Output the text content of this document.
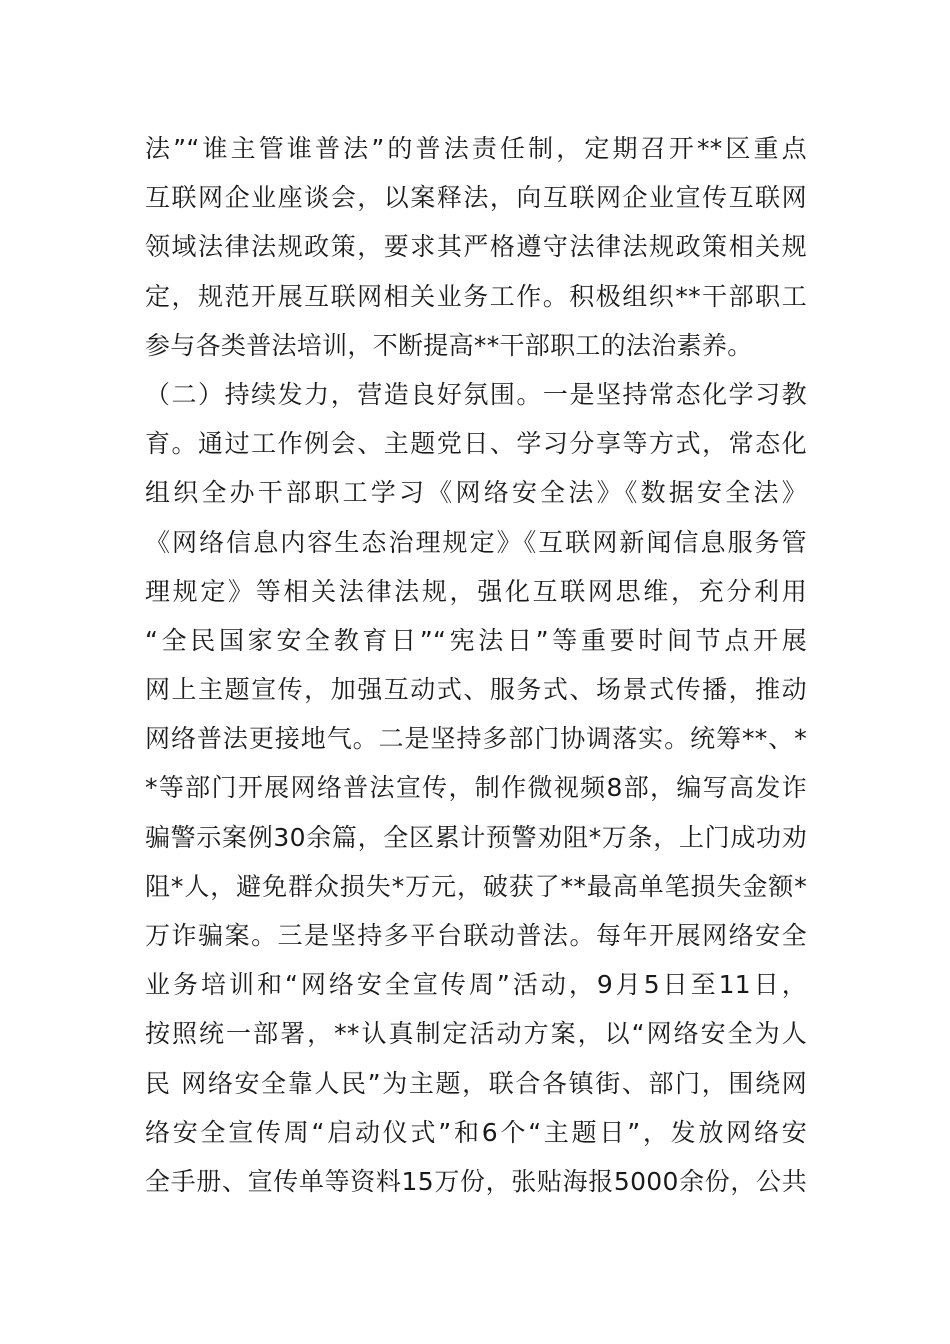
法”“谁主管谁普法”的普法责任制，定期召开**区重点
互联网企业座谈会，以案释法，向互联网企业宣传互联网
领域法律法规政策，要求其严格遵守法律法规政策相关规
定，规范开展互联网相关业务工作。积极组织**干部职工
参与各类普法培训，不断提高**干部职工的法治素养。
（二）持续发力，营造良好氛围。一是坚持常态化学习教
育。通过工作例会、主题党日、学习分享等方式，常态化
组织全办干部职工学习《网络安全法》《数据安全法》
《网络信息内容生态治理规定》《互联网新闻信息服务管
理规定》等相关法律法规，强化互联网思维，充分利用
“全民国家安全教育日”“宪法日”等重要时间节点开展
网上主题宣传，加强互动式、服务式、场景式传播，推动
网络普法更接地气。二是坚持多部门协调落实。统筹**、*
*等部门开展网络普法宣传，制作微视频8部，编写高发诈
骗警示案例30余篇，全区累计预警劝阻*万条，上门成功劝
阻*人，避免群众损失*万元，破获了**最高单笔损失金额*
万诈骗案。三是坚持多平台联动普法。每年开展网络安全
业务培训和“网络安全宣传周”活动，9月5日至11日，
按照统一部署，**认真制定活动方案，以“网络安全为人
民 网络安全靠人民”为主题，联合各镇街、部门，围绕网
络安全宣传周“启动仪式”和6个“主题日”，发放网络安
全手册、宣传单等资料15万份，张贴海报5000余份，公共
